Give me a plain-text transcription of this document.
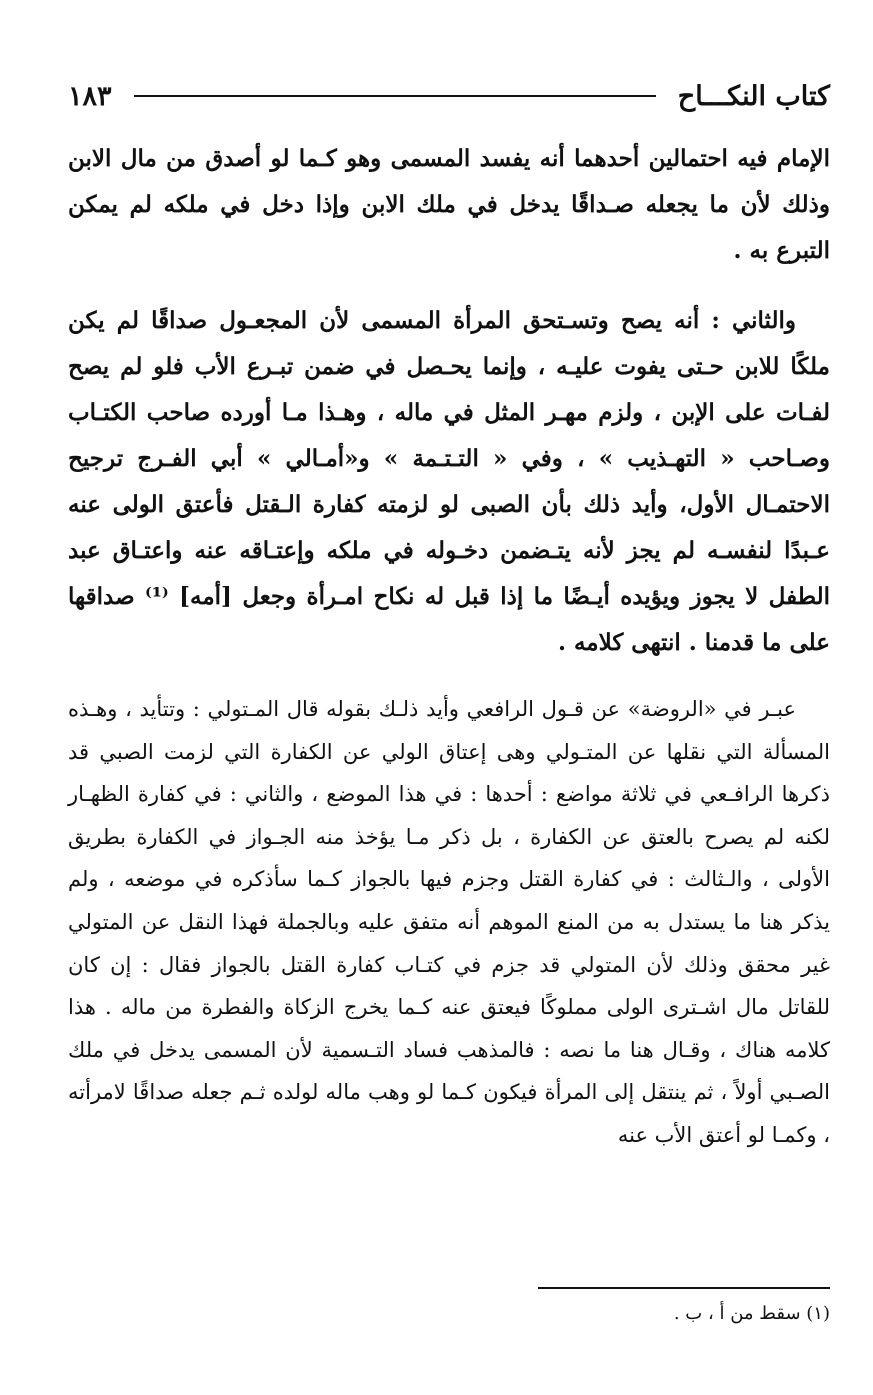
كتاب النكـــاح
١٨٣

الإمام فيه احتمالين أحدهما أنه يفسد المسمى وهو كـما لو أصدق من مال الابن وذلك لأن ما يجعله صـداقًا يدخل في ملك الابن وإذا دخل في ملكه لم يمكن التبرع به .

والثاني : أنه يصح وتسـتحق المرأة المسمى لأن المجعـول صداقًا لم يكن ملكًا للابن حـتى يفوت عليـه ، وإنما يحـصل في ضمن تبـرع الأب فلو لم يصح لفـات على الإبن ، ولزم مهـر المثل في ماله ، وهـذا مـا أورده صاحب الكتـاب وصـاحب « التهـذيب » ، وفي « التـتـمة » و«أمـالي » أبي الفـرج ترجيح الاحتمـال الأول، وأيد ذلك بأن الصبى لو لزمته كفارة الـقتل فأعتق الولى عنه عـبدًا لنفسـه لم يجز لأنه يتـضمن دخـوله في ملكه وإعتـاقه عنه واعتـاق عبد الطفل لا يجوز ويؤيده أيـضًا ما إذا قبل له نكاح امـرأة وجعل [أمه] ⁽¹⁾ صداقها على ما قدمنا . انتهى كلامه .

عبـر في «الروضة» عن قـول الرافعي وأيد ذلـك بقوله قال المـتولي : وتتأيد ، وهـذه المسألة التي نقلها عن المتـولي وهى إعتاق الولي عن الكفارة التي لزمت الصبي قد ذكرها الرافـعي في ثلاثة مواضع : أحدها : في هذا الموضع ، والثاني : في كفارة الظهـار لكنه لم يصرح بالعتق عن الكفارة ، بل ذكر مـا يؤخذ منه الجـواز في الكفارة بطريق الأولى ، والـثالث : في كفارة القتل وجزم فيها بالجواز كـما سأذكره في موضعه ، ولم يذكر هنا ما يستدل به من المنع الموهم أنه متفق عليه وبالجملة فهذا النقل عن المتولي غير محقق وذلك لأن المتولي قد جزم في كتـاب كفارة القتل بالجواز فقال : إن كان للقاتل مال اشـترى الولى مملوكًا فيعتق عنه كـما يخرج الزكاة والفطرة من ماله . هذا كلامه هناك ، وقـال هنا ما نصه : فالمذهب فساد التـسمية لأن المسمى يدخل في ملك الصـبي أولاً ، ثم ينتقل إلى المرأة فيكون كـما لو وهب ماله لولده ثـم جعله صداقًا لامرأته ، وكمـا لو أعتق الأب عنه

(١) سقط من أ ، ب .
